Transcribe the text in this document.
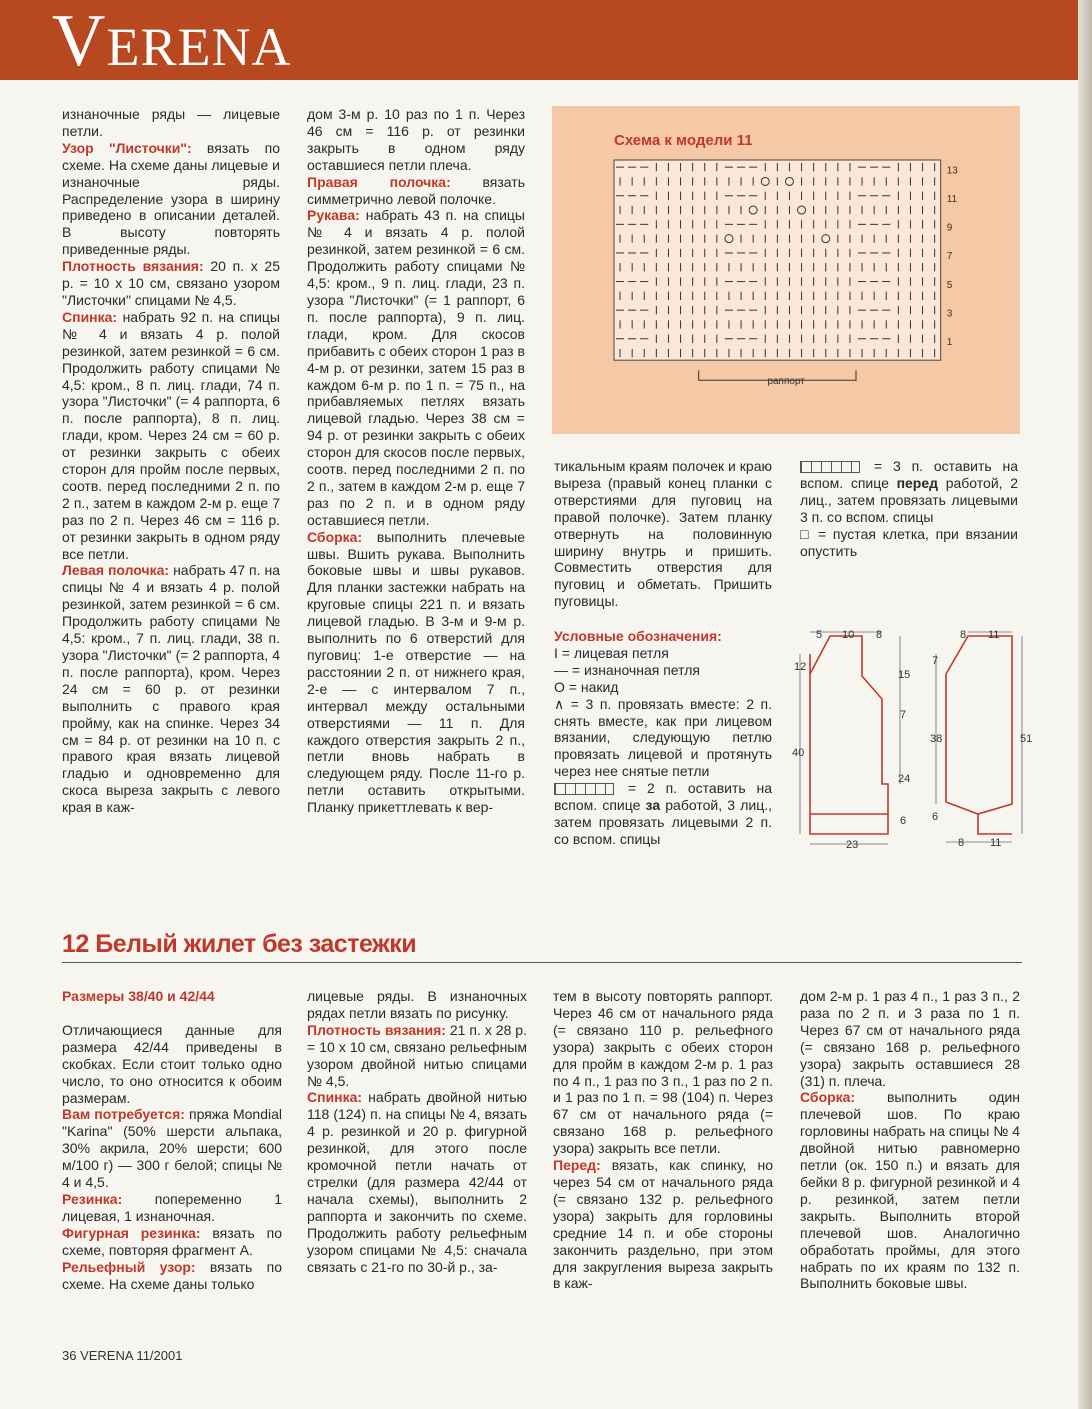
VERENA

изнаночные ряды — лицевые петли.

Узор "Листочки": вязать по схеме. На схеме даны лицевые и изнаночные ряды. Распределение узора в ширину приведено в описании деталей. В высоту повторять приведенные ряды.

Плотность вязания: 20 п. x 25 р. = 10 x 10 см, связано узором "Листочки" спицами № 4,5.

Спинка: набрать 92 п. на спицы № 4 и вязать 4 р. полой резинкой, затем резинкой = 6 см. Продолжить работу спицами № 4,5: кром., 8 п. лиц. глади, 74 п. узора "Листочки" (= 4 раппорта, 6 п. после раппорта), 8 п. лиц. глади, кром. Через 24 см = 60 р. от резинки закрыть с обеих сторон для пройм после первых, соотв. перед последними 2 п. по 2 п., затем в каждом 2-м р. еще 7 раз по 2 п. Через 46 см = 116 р. от резинки закрыть в одном ряду все петли.

Левая полочка: набрать 47 п. на спицы № 4 и вязать 4 р. полой резинкой, затем резинкой = 6 см. Продолжить работу спицами № 4,5: кром., 7 п. лиц. глади, 38 п. узора "Листочки" (= 2 раппорта, 4 п. после раппорта), кром. Через 24 см = 60 р. от резинки выполнить с правого края пройму, как на спинке. Через 34 см = 84 р. от резинки на 10 п. с правого края вязать лицевой гладью и одновременно для скоса выреза закрыть с левого края в каж-

дом 3-м р. 10 раз по 1 п. Через 46 см = 116 р. от резинки закрыть в одном ряду оставшиеся петли плеча.

Правая полочка: вязать симметрично левой полочке.

Рукава: набрать 43 п. на спицы № 4 и вязать 4 р. полой резинкой, затем резинкой = 6 см. Продолжить работу спицами № 4,5: кром., 9 п. лиц. глади, 23 п. узора "Листочки" (= 1 раппорт, 6 п. после раппорта), 9 п. лиц. глади, кром. Для скосов прибавить с обеих сторон 1 раз в 4-м р. от резинки, затем 15 раз в каждом 6-м р. по 1 п. = 75 п., на прибавляемых петлях вязать лицевой гладью. Через 38 см = 94 р. от резинки закрыть с обеих сторон для скосов после первых, соотв. перед последними 2 п. по 2 п., затем в каждом 2-м р. еще 7 раз по 2 п. и в одном ряду оставшиеся петли.

Сборка: выполнить плечевые швы. Вшить рукава. Выполнить боковые швы и швы рукавов. Для планки застежки набрать на круговые спицы 221 п. и вязать лицевой гладью. В 3-м и 9-м р. выполнить по 6 отверстий для пуговиц: 1-е отверстие — на расстоянии 2 п. от нижнего края, 2-е — с интервалом 7 п., интервал между остальными отверстиями — 11 п. Для каждого отверстия закрыть 2 п., петли вновь набрать в следующем ряду. После 11-го р. петли оставить открытыми. Планку прикеттлевать к вер-

Схема к модели 11
13
11
9
7
5
3
1
раппорт

тикальным краям полочек и краю выреза (правый конец планки с отверстиями для пуговиц на правой полочке). Затем планку отвернуть на половинную ширину внутрь и пришить. Совместить отверстия для пуговиц и обметать. Пришить пуговицы.

Условные обозначения:

I = лицевая петля

— = изнаночная петля

O = накид

∧ = 3 п. провязать вместе: 2 п. снять вместе, как при лицевом вязании, следующую петлю провязать лицевой и протянуть через нее снятые петли

= 2 п. оставить на вспом. спице за работой, 3 лиц., затем провязать лицевыми 2 п. со вспом. спицы

= 3 п. оставить на вспом. спице перед работой, 2 лиц., затем провязать лицевыми 3 п. со вспом. спицы

□ = пустая клетка, при вязании опустить

5 10 8
12
15
7
40
24
6
23
8 11
7
38	51
6
8 11
12 Белый жилет без застежки

Размеры 38/40 и 42/44

Отличающиеся данные для размера 42/44 приведены в скобках. Если стоит только одно число, то оно относится к обоим размерам.

Вам потребуется: пряжа Mondial "Karina" (50% шерсти альпака, 30% акрила, 20% шерсти; 600 м/100 г) — 300 г белой; спицы № 4 и 4,5.

Резинка: попеременно 1 лицевая, 1 изнаночная.

Фигурная резинка: вязать по схеме, повторяя фрагмент А.

Рельефный узор: вязать по схеме. На схеме даны только

лицевые ряды. В изнаночных рядах петли вязать по рисунку.

Плотность вязания: 21 п. x 28 р. = 10 x 10 см, связано рельефным узором двойной нитью спицами № 4,5.

Спинка: набрать двойной нитью 118 (124) п. на спицы № 4, вязать 4 р. резинкой и 20 р. фигурной резинкой, для этого после кромочной петли начать от стрелки (для размера 42/44 от начала схемы), выполнить 2 раппорта и закончить по схеме. Продолжить работу рельефным узором спицами № 4,5: сначала связать с 21-го по 30-й р., за-

тем в высоту повторять раппорт. Через 46 см от начального ряда (= связано 110 р. рельефного узора) закрыть с обеих сторон для пройм в каждом 2-м р. 1 раз по 4 п., 1 раз по 3 п., 1 раз по 2 п. и 1 раз по 1 п. = 98 (104) п. Через 67 см от начального ряда (= связано 168 р. рельефного узора) закрыть все петли.

Перед: вязать, как спинку, но через 54 см от начального ряда (= связано 132 р. рельефного узора) закрыть для горловины средние 14 п. и обе стороны закончить раздельно, при этом для закругления выреза закрыть в каж-

дом 2-м р. 1 раз 4 п., 1 раз 3 п., 2 раза по 2 п. и 3 раза по 1 п. Через 67 см от начального ряда (= связано 168 р. рельефного узора) закрыть оставшиеся 28 (31) п. плеча.

Сборка: выполнить один плечевой шов. По краю горловины набрать на спицы № 4 двойной нитью равномерно петли (ок. 150 п.) и вязать для бейки 8 р. фигурной резинкой и 4 р. резинкой, затем петли закрыть. Выполнить второй плечевой шов. Аналогично обработать проймы, для этого набрать по их краям по 132 п. Выполнить боковые швы.

36 VERENA 11/2001
